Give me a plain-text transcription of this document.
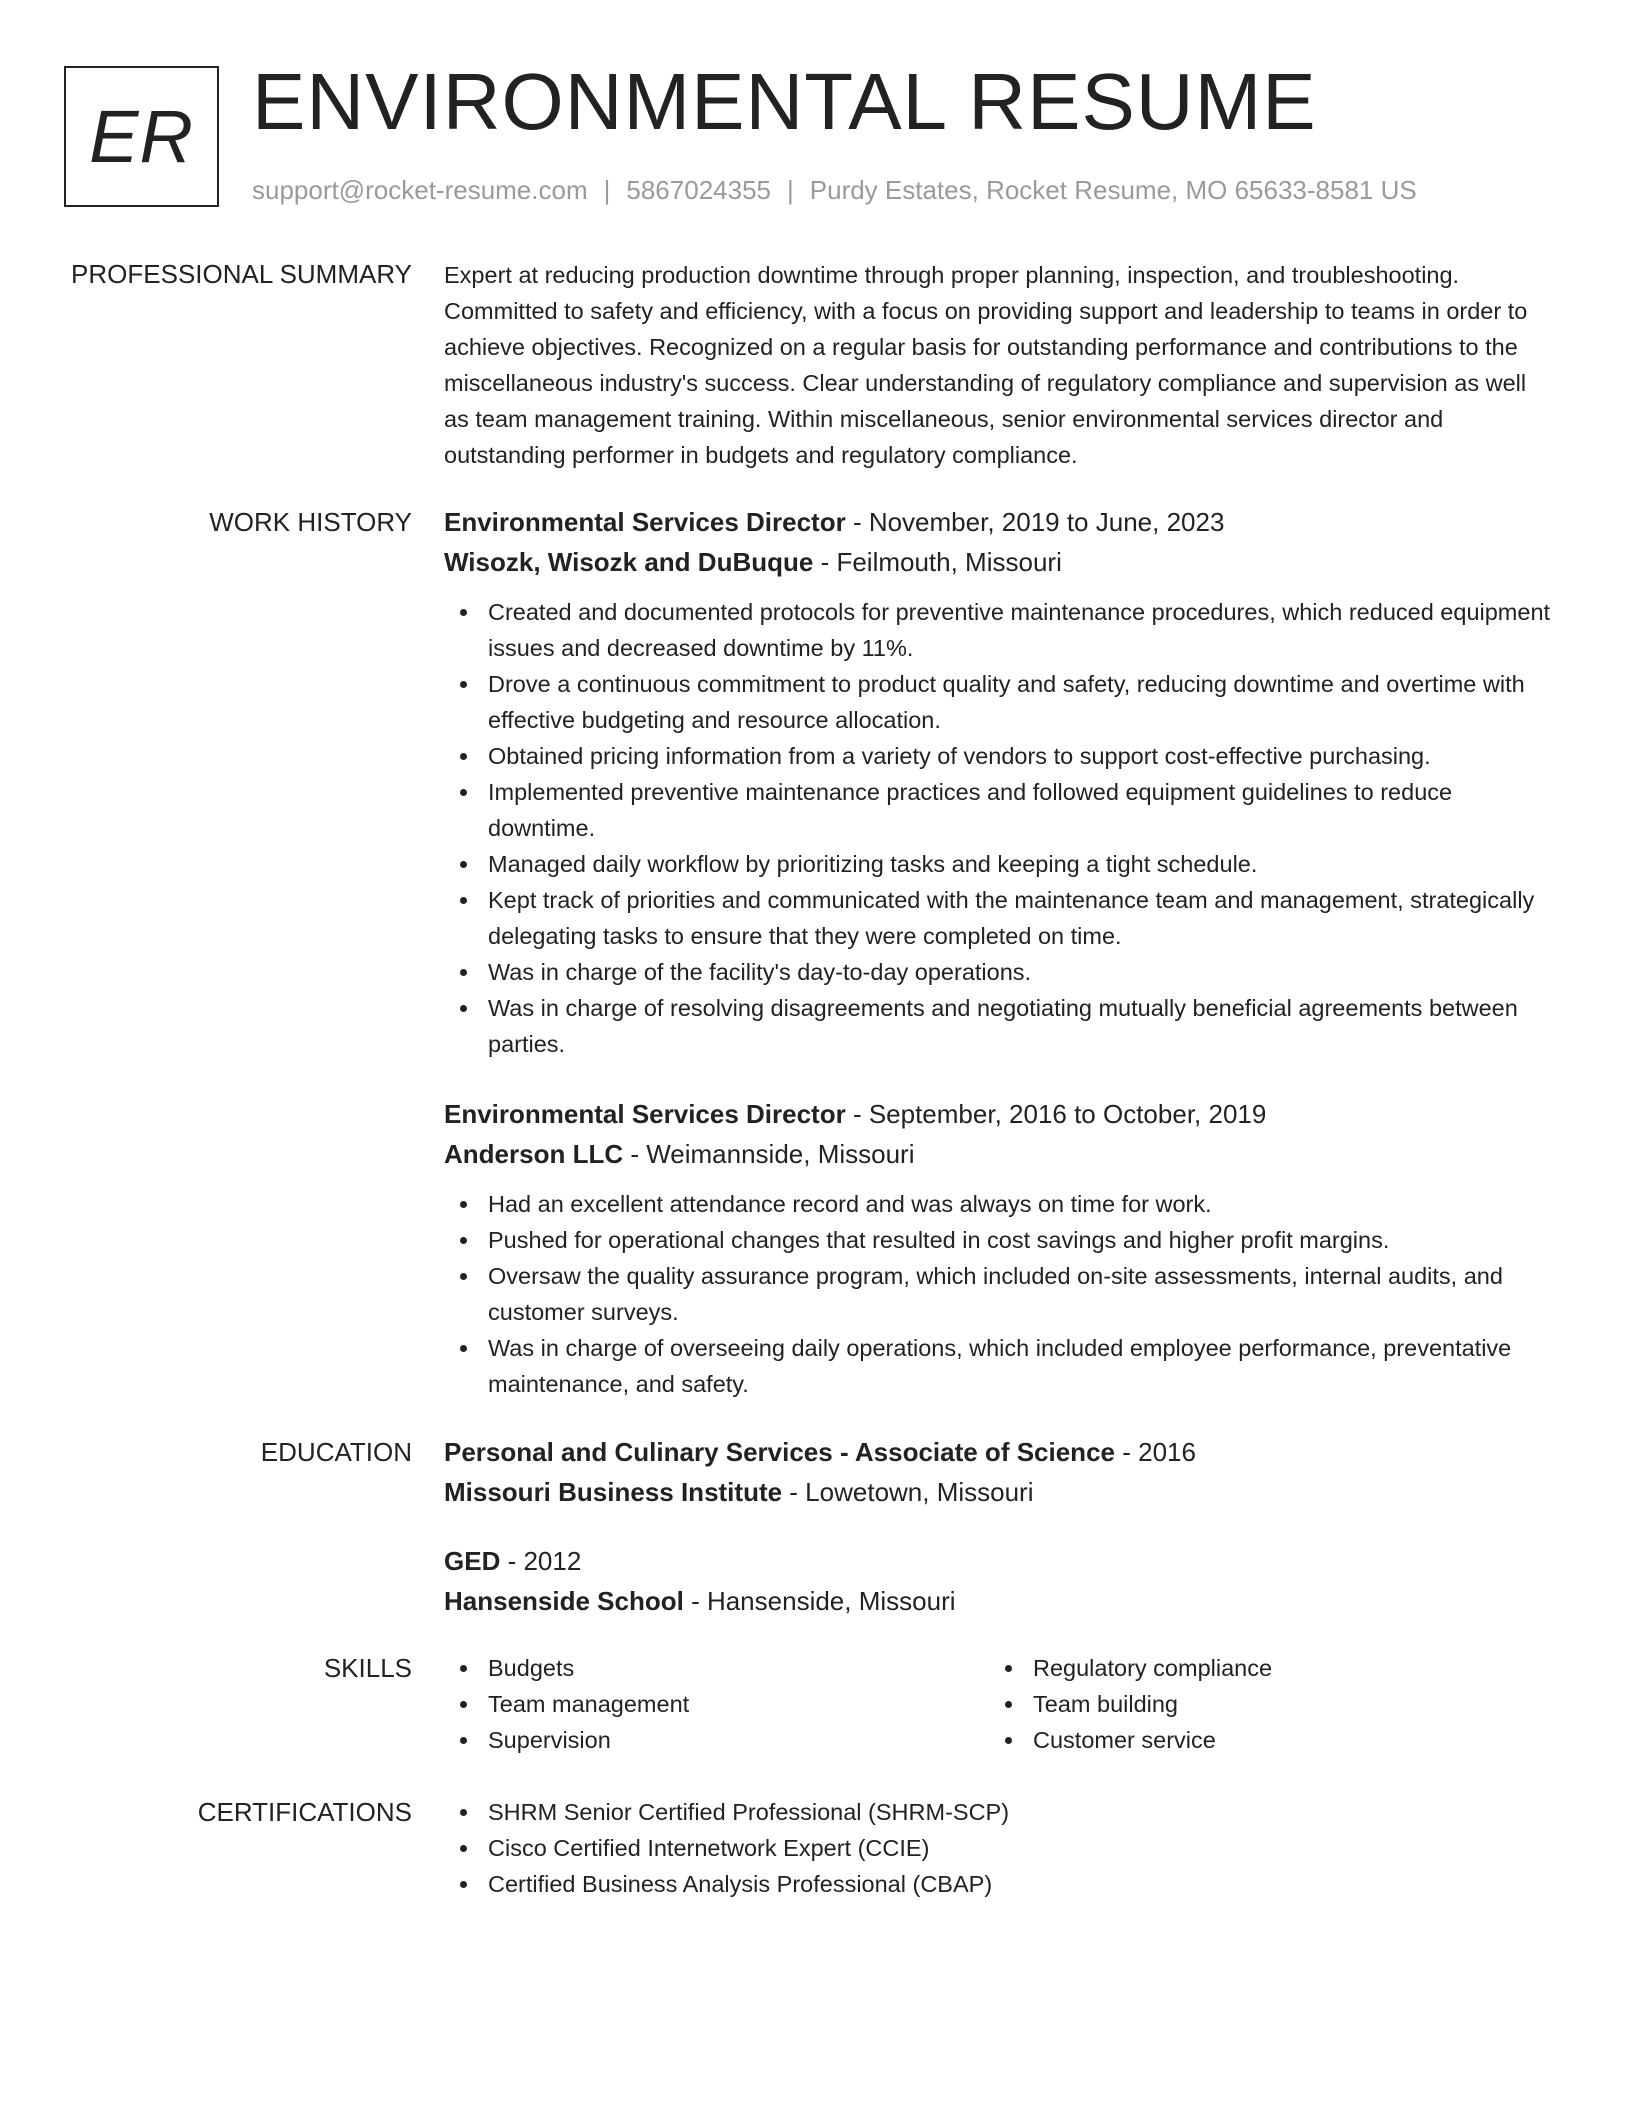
ER ENVIRONMENTAL RESUME
support@rocket-resume.com | 5867024355 | Purdy Estates, Rocket Resume, MO 65633-8581 US
PROFESSIONAL SUMMARY Expert at reducing production downtime through proper planning, inspection, and troubleshooting. Committed to safety and efficiency, with a focus on providing support and leadership to teams in order to achieve objectives. Recognized on a regular basis for outstanding performance and contributions to the miscellaneous industry's success. Clear understanding of regulatory compliance and supervision as well as team management training. Within miscellaneous, senior environmental services director and outstanding performer in budgets and regulatory compliance.

WORK HISTORY Environmental Services Director - November, 2019 to June, 2023

Wisozk, Wisozk and DuBuque - Feilmouth, Missouri

Created and documented protocols for preventive maintenance procedures, which reduced equipment issues and decreased downtime by 11%.
Drove a continuous commitment to product quality and safety, reducing downtime and overtime with effective budgeting and resource allocation.
Obtained pricing information from a variety of vendors to support cost-effective purchasing.
Implemented preventive maintenance practices and followed equipment guidelines to reduce downtime.
Managed daily workflow by prioritizing tasks and keeping a tight schedule.
Kept track of priorities and communicated with the maintenance team and management, strategically delegating tasks to ensure that they were completed on time.
Was in charge of the facility's day-to-day operations.
Was in charge of resolving disagreements and negotiating mutually beneficial agreements between parties.

Environmental Services Director - September, 2016 to October, 2019

Anderson LLC - Weimannside, Missouri

Had an excellent attendance record and was always on time for work.
Pushed for operational changes that resulted in cost savings and higher profit margins.
Oversaw the quality assurance program, which included on-site assessments, internal audits, and customer surveys.
Was in charge of overseeing daily operations, which included employee performance, preventative maintenance, and safety.
EDUCATION Personal and Culinary Services - Associate of Science - 2016

Missouri Business Institute - Lowetown, Missouri

GED - 2012

Hansenside School - Hansenside, Missouri

SKILLS	Budgets
Team management
Supervision
Regulatory compliance
Team building
Customer service
CERTIFICATIONS	SHRM Senior Certified Professional (SHRM-SCP)
Cisco Certified Internetwork Expert (CCIE)
Certified Business Analysis Professional (CBAP)
